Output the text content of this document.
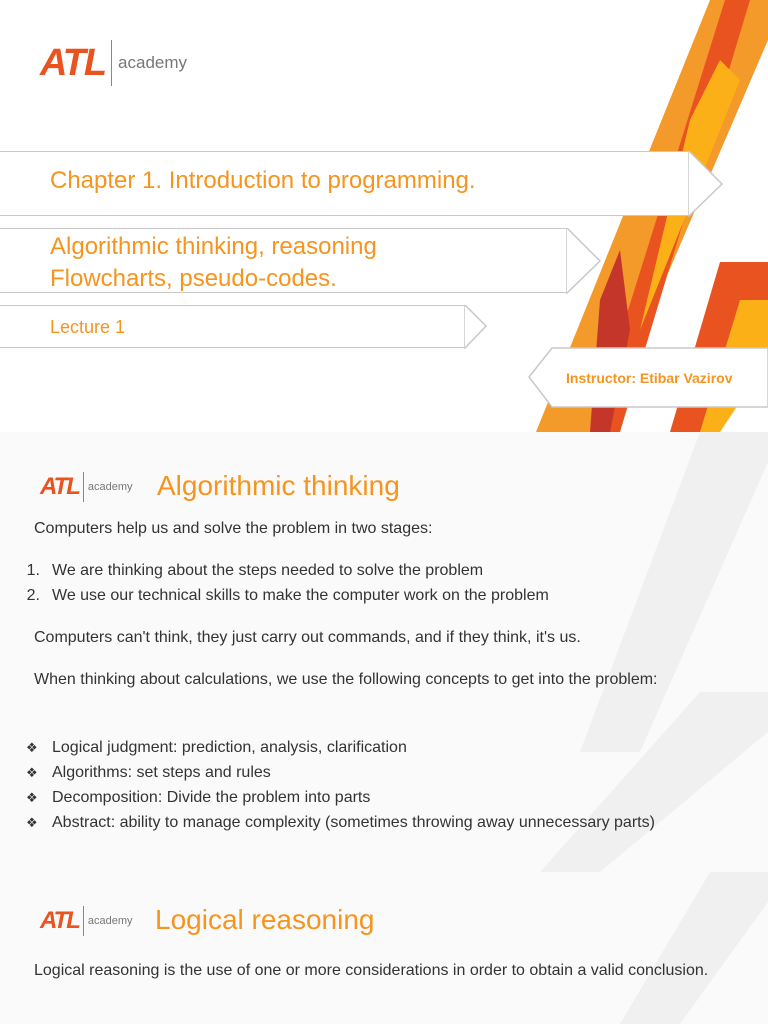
ATL academy
Chapter 1. Introduction to programming.
Algorithmic thinking, reasoning
Flowcharts, pseudo-codes.
Lecture 1
Instructor: Etibar Vazirov
ATL academy Algorithmic thinking
Computers help us and solve the problem in two stages:
1. We are thinking about the steps needed to solve the problem
2. We use our technical skills to make the computer work on the problem
Computers can't think, they just carry out commands, and if they think, it's us.
When thinking about calculations, we use the following concepts to get into the problem:
❖ Logical judgment: prediction, analysis, clarification
❖ Algorithms: set steps and rules
❖ Decomposition: Divide the problem into parts
❖ Abstract: ability to manage complexity (sometimes throwing away unnecessary parts)
ATL academy Logical reasoning
Logical reasoning is the use of one or more considerations in order to obtain a valid conclusion.
